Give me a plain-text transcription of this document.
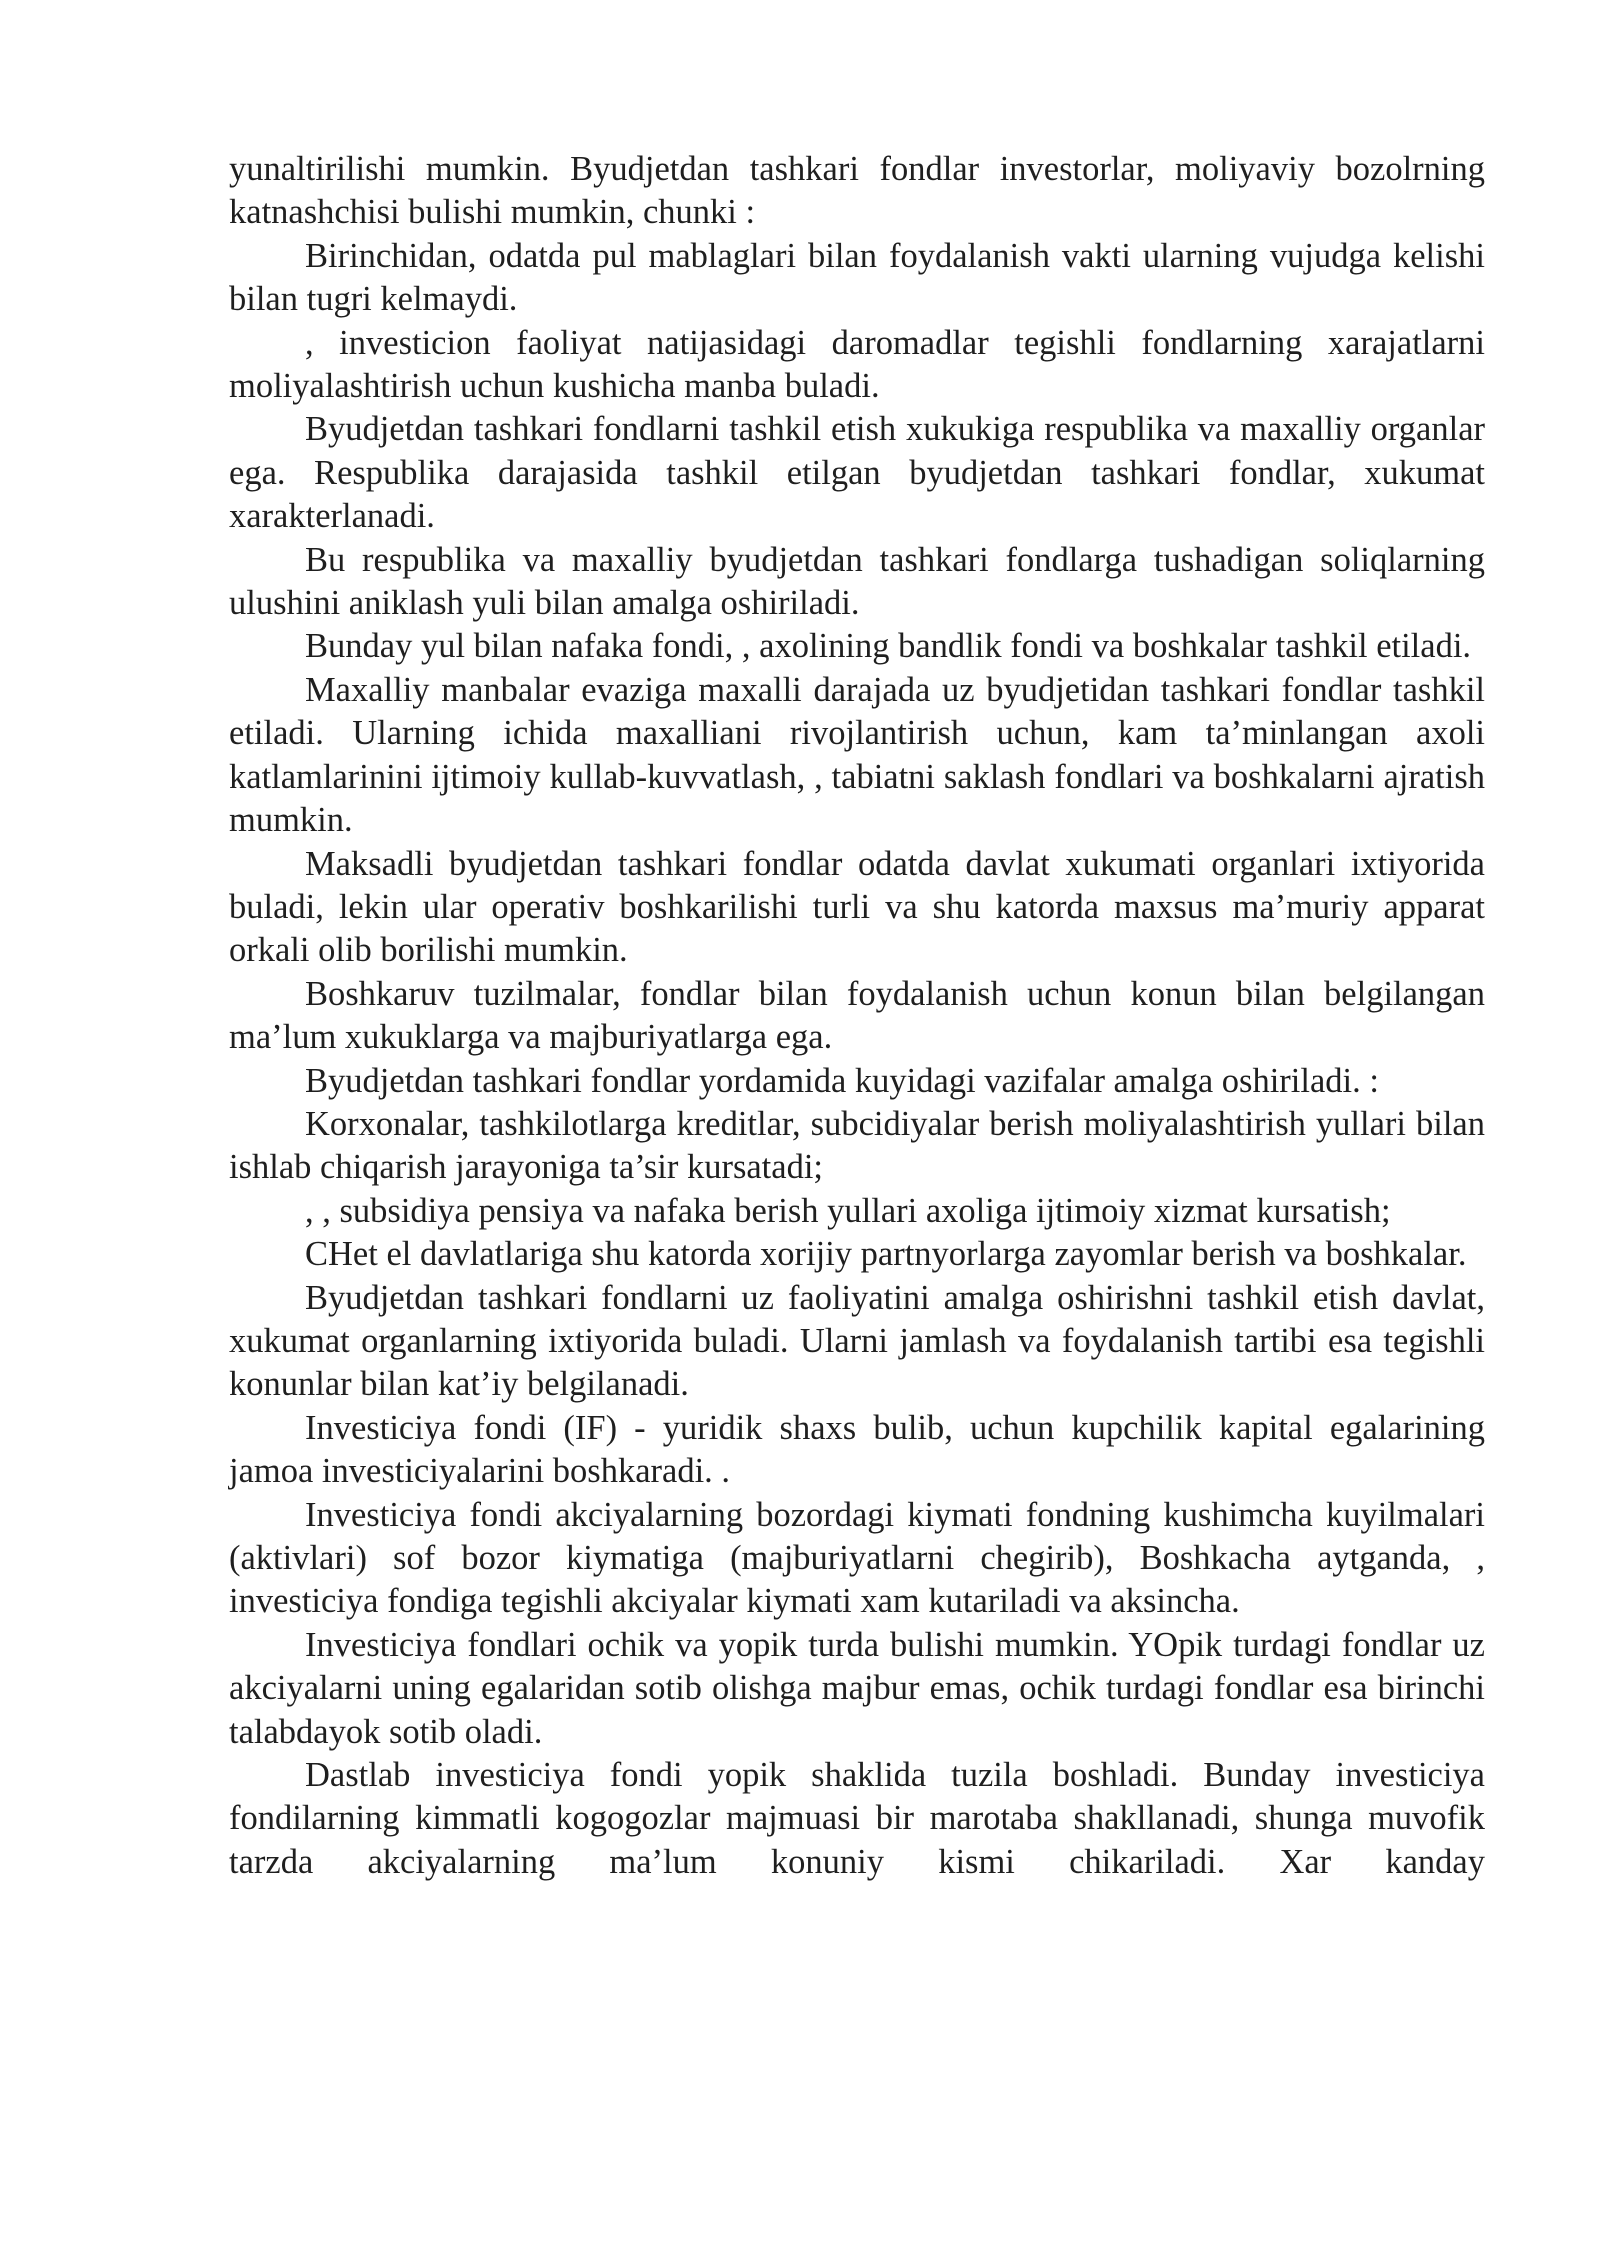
yunaltirilishi mumkin. Byudjetdan tashkari fondlar investorlar, moliyaviy bozolrning katnashchisi bulishi mumkin, chunki :

Birinchidan, odatda pul mablaglari bilan foydalanish vakti ularning vujudga kelishi bilan tugri kelmaydi.

, investicion faoliyat natijasidagi daromadlar tegishli fondlarning xarajatlarni moliyalashtirish uchun kushicha manba buladi.

Byudjetdan tashkari fondlarni tashkil etish xukukiga respublika va maxalliy organlar ega. Respublika darajasida tashkil etilgan byudjetdan tashkari fondlar, xukumat xarakterlanadi.

Bu respublika va maxalliy byudjetdan tashkari fondlarga tushadigan soliqlarning ulushini aniklash yuli bilan amalga oshiriladi.

Bunday yul bilan nafaka fondi, , axolining bandlik fondi va boshkalar tashkil etiladi.

Maxalliy manbalar evaziga maxalli darajada uz byudjetidan tashkari fondlar tashkil etiladi. Ularning ichida maxalliani rivojlantirish uchun, kam ta’minlangan axoli katlamlarinini ijtimoiy kullab-kuvvatlash, , tabiatni saklash fondlari va boshkalarni ajratish mumkin.

Maksadli byudjetdan tashkari fondlar odatda davlat xukumati organlari ixtiyorida buladi, lekin ular operativ boshkarilishi turli va shu katorda maxsus ma’muriy apparat orkali olib borilishi mumkin.

Boshkaruv tuzilmalar, fondlar bilan foydalanish uchun konun bilan belgilangan ma’lum xukuklarga va majburiyatlarga ega.

Byudjetdan tashkari fondlar yordamida kuyidagi vazifalar amalga oshiriladi. :

Korxonalar, tashkilotlarga kreditlar, subcidiyalar berish moliyalashtirish yullari bilan ishlab chiqarish jarayoniga ta’sir kursatadi;

, , subsidiya pensiya va nafaka berish yullari axoliga ijtimoiy xizmat kursatish;

CHet el davlatlariga shu katorda xorijiy partnyorlarga zayomlar berish va boshkalar.

Byudjetdan tashkari fondlarni uz faoliyatini amalga oshirishni tashkil etish davlat, xukumat organlarning ixtiyorida buladi. Ularni jamlash va foydalanish tartibi esa tegishli konunlar bilan kat’iy belgilanadi.

Investiciya fondi (IF) - yuridik shaxs bulib, uchun kupchilik kapital egalarining jamoa investiciyalarini boshkaradi. .

Investiciya fondi akciyalarning bozordagi kiymati fondning kushimcha kuyilmalari (aktivlari) sof bozor kiymatiga (majburiyatlarni chegirib), Boshkacha aytganda, , investiciya fondiga tegishli akciyalar kiymati xam kutariladi va aksincha.

Investiciya fondlari ochik va yopik turda bulishi mumkin. YOpik turdagi fondlar uz akciyalarni uning egalaridan sotib olishga majbur emas, ochik turdagi fondlar esa birinchi talabdayok sotib oladi.

Dastlab investiciya fondi yopik shaklida tuzila boshladi. Bunday investiciya fondilarning kimmatli kogogozlar majmuasi bir marotaba shakllanadi, shunga muvofik tarzda akciyalarning ma’lum konuniy kismi chikariladi. Xar kanday
